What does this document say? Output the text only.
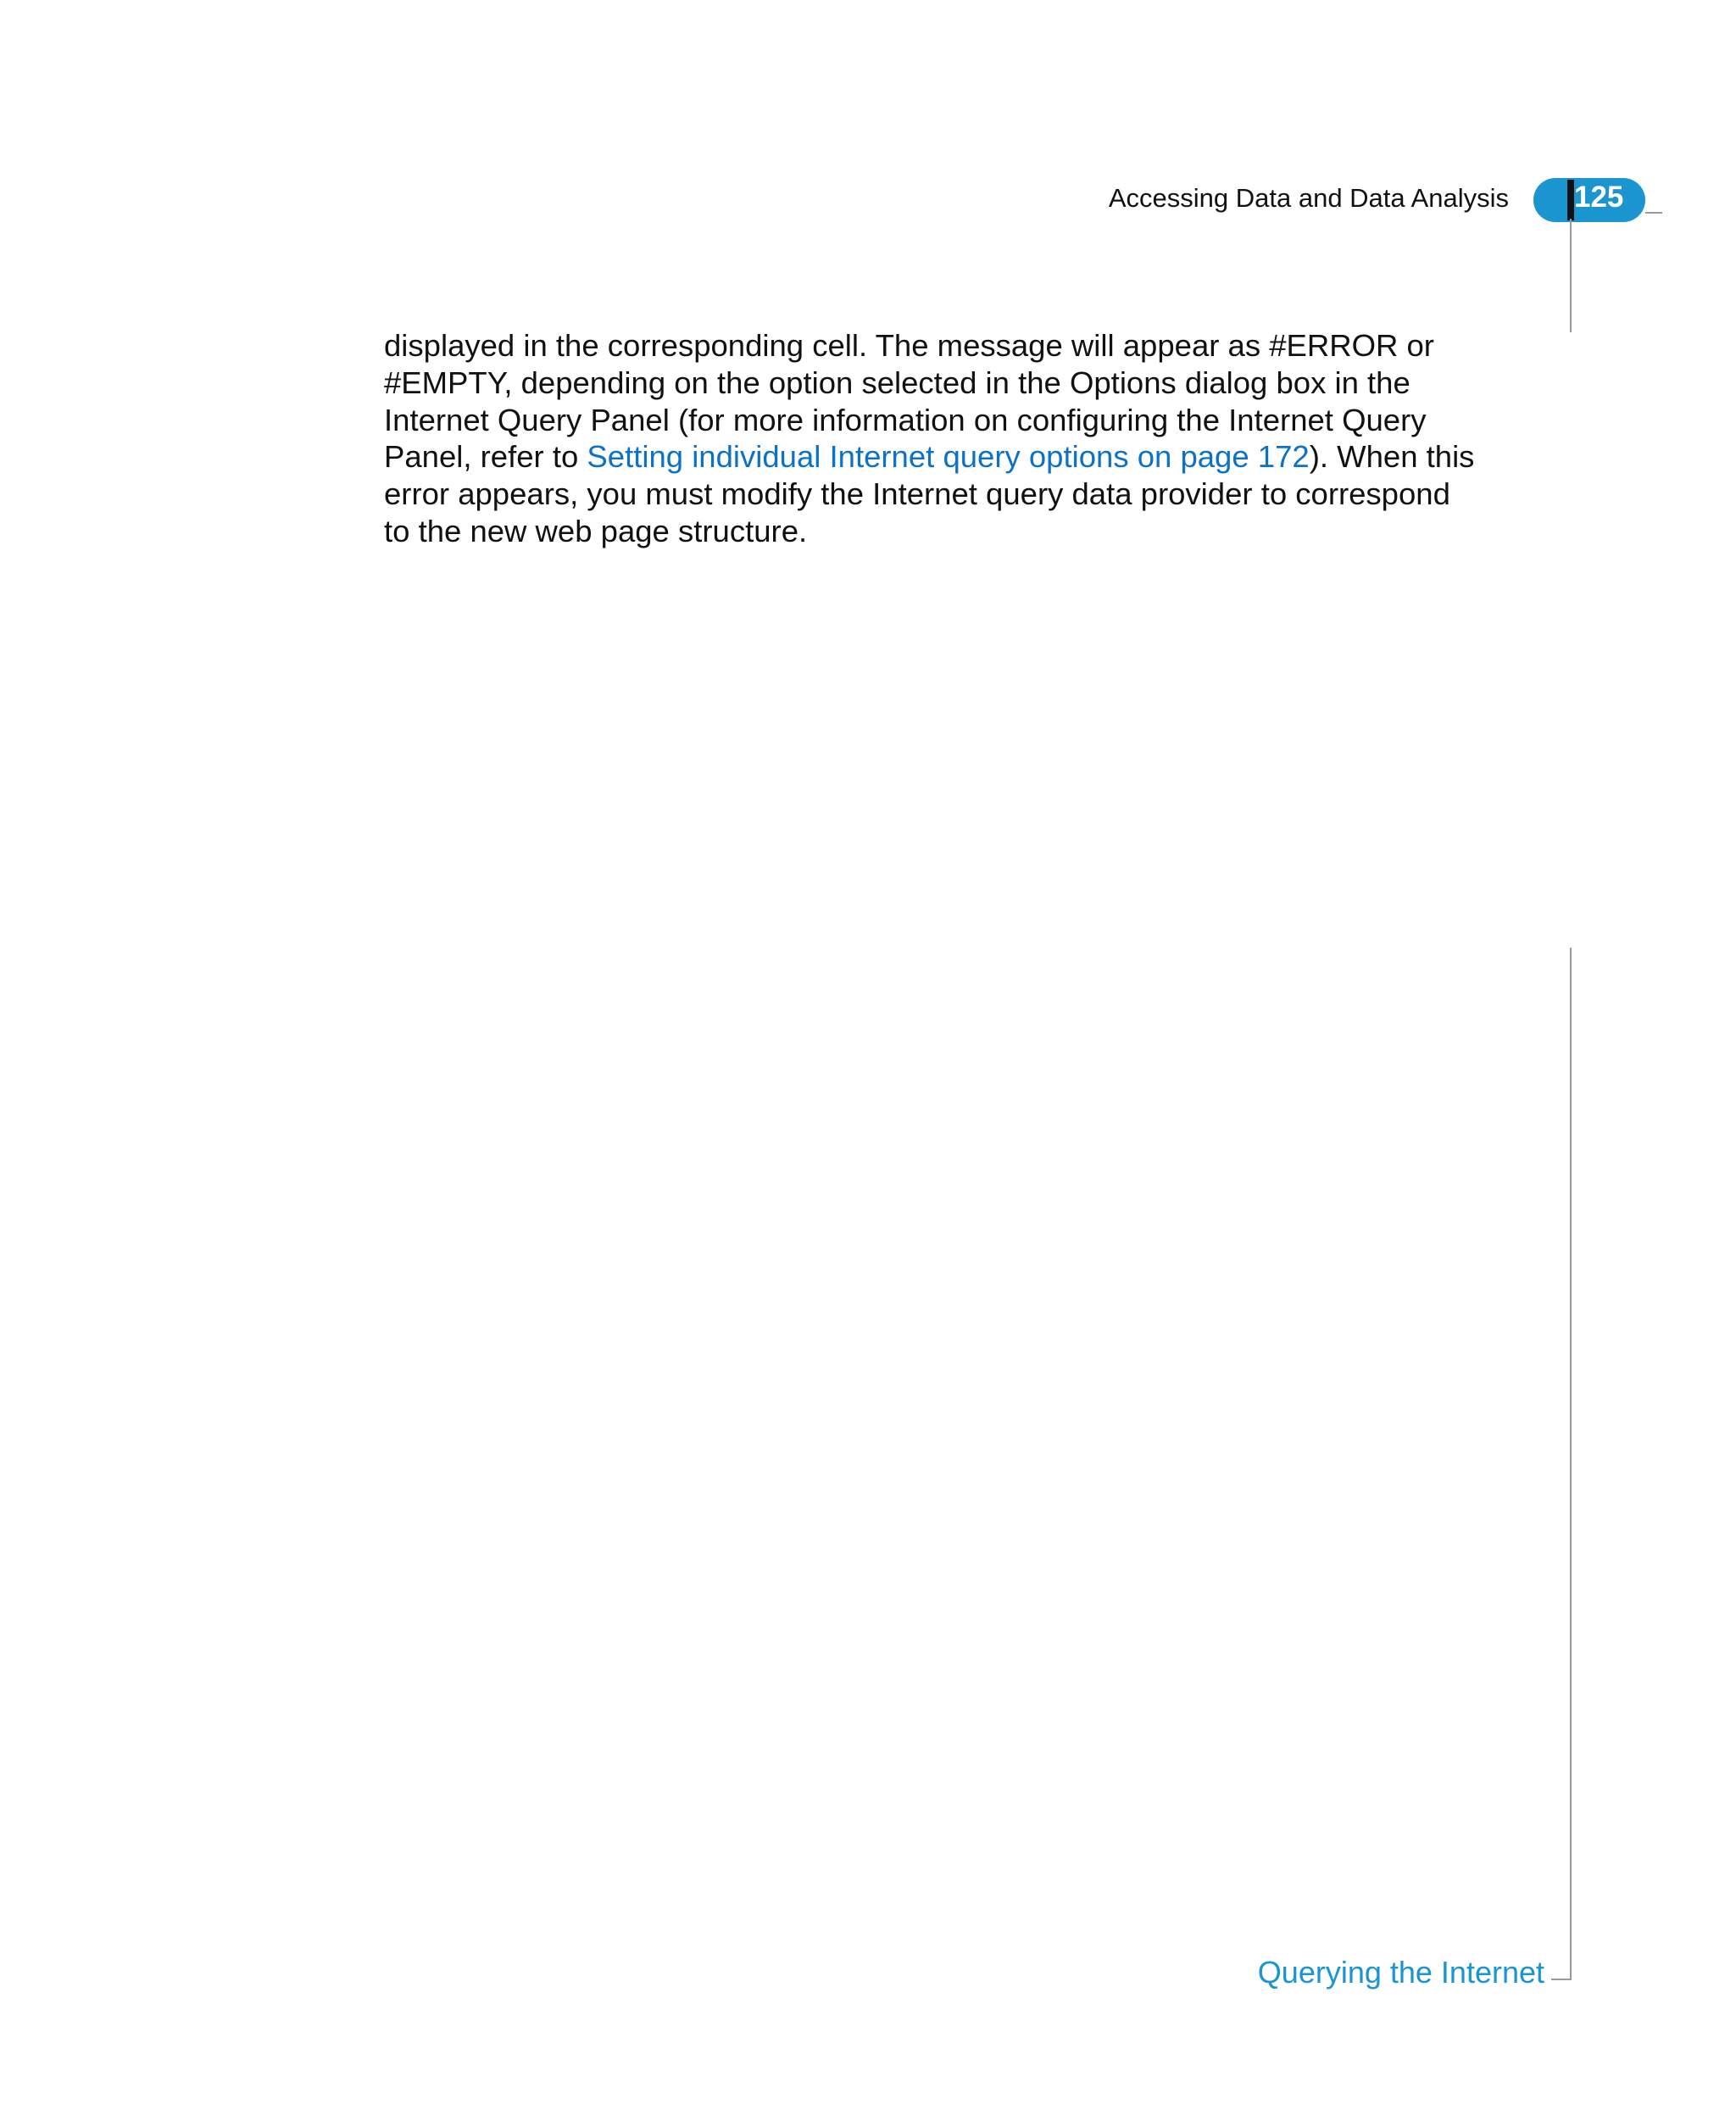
Accessing Data and Data Analysis 125

displayed in the corresponding cell. The message will appear as #ERROR or #EMPTY, depending on the option selected in the Options dialog box in the Internet Query Panel (for more information on configuring the Internet Query Panel, refer to Setting individual Internet query options on page 172). When this error appears, you must modify the Internet query data provider to correspond to the new web page structure.

Querying the Internet
